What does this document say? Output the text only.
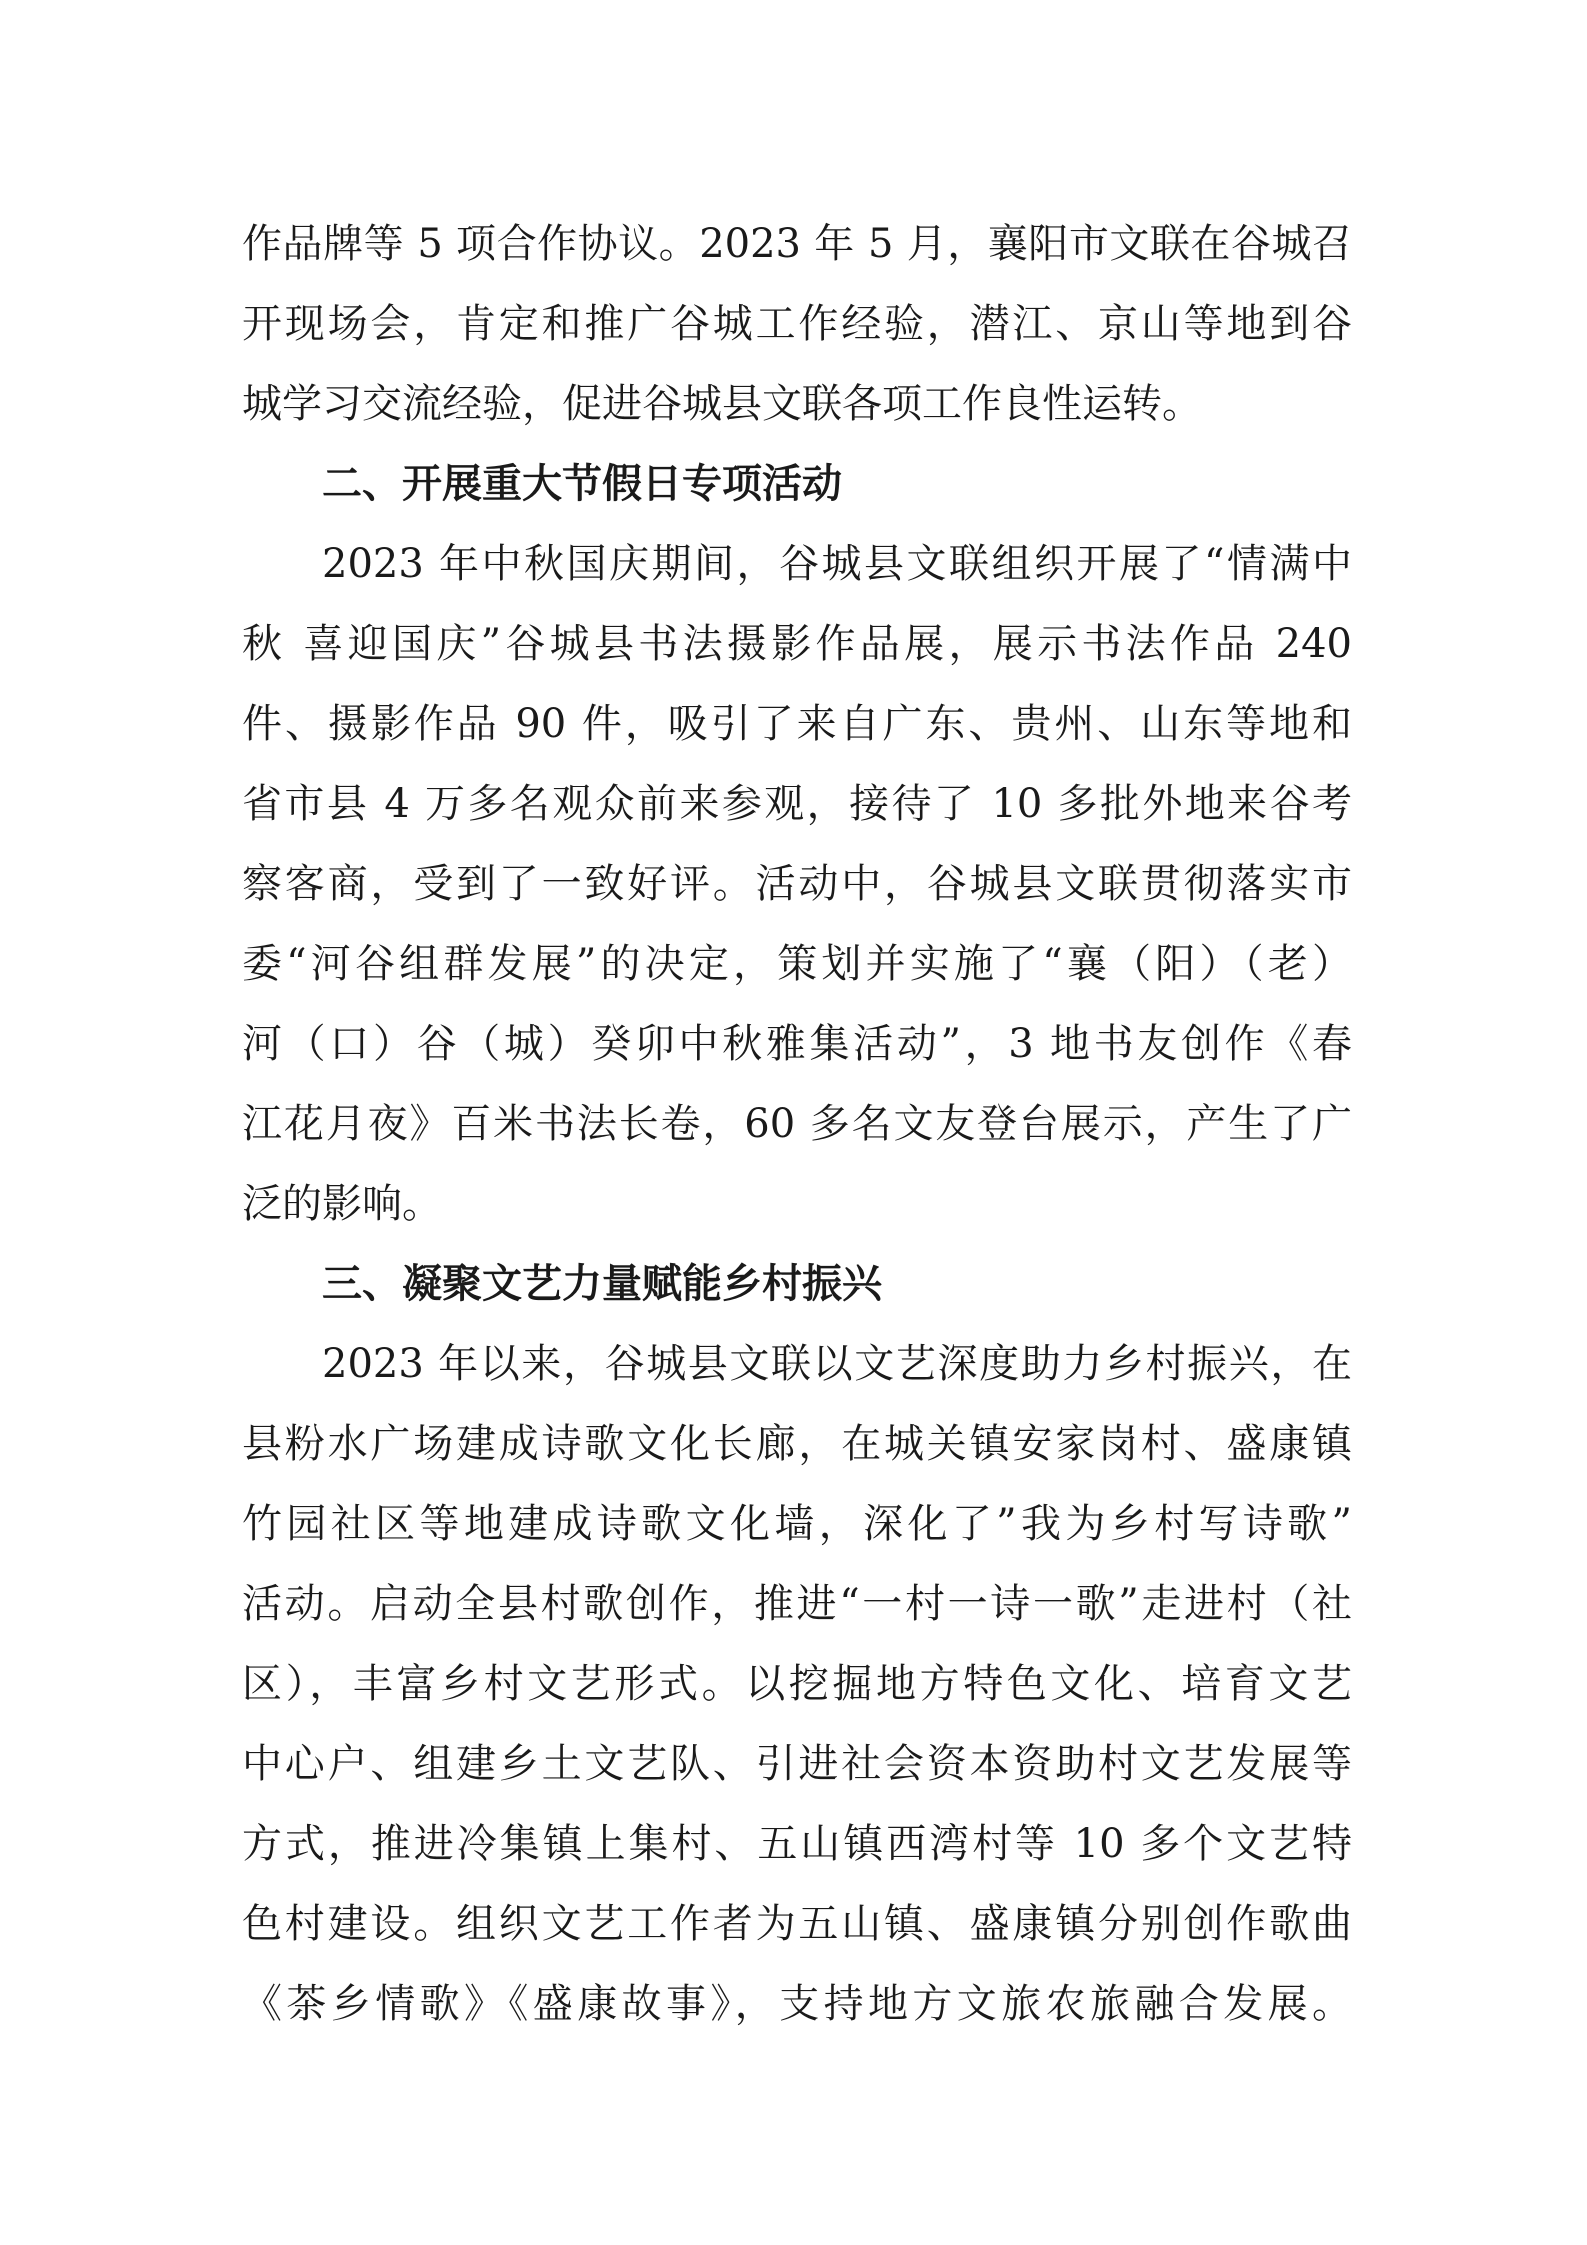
作品牌等 5 项合作协议。2023 年 5 月，襄阳市文联在谷城召
开现场会，肯定和推广谷城工作经验，潜江、京山等地到谷
城学习交流经验，促进谷城县文联各项工作良性运转。
二、开展重大节假日专项活动
2023 年中秋国庆期间，谷城县文联组织开展了“情满中
秋 喜迎国庆”谷城县书法摄影作品展，展示书法作品 240
件、摄影作品 90 件，吸引了来自广东、贵州、山东等地和
省市县 4 万多名观众前来参观，接待了 10 多批外地来谷考
察客商，受到了一致好评。活动中，谷城县文联贯彻落实市
委“河谷组群发展”的决定，策划并实施了“襄（阳）（老）
河（口）谷（城）癸卯中秋雅集活动”，3 地书友创作《春
江花月夜》百米书法长卷，60 多名文友登台展示，产生了广
泛的影响。
三、凝聚文艺力量赋能乡村振兴
2023 年以来，谷城县文联以文艺深度助力乡村振兴，在
县粉水广场建成诗歌文化长廊，在城关镇安家岗村、盛康镇
竹园社区等地建成诗歌文化墙，深化了”我为乡村写诗歌”
活动。启动全县村歌创作，推进“一村一诗一歌”走进村（社
区），丰富乡村文艺形式。以挖掘地方特色文化、培育文艺
中心户、组建乡土文艺队、引进社会资本资助村文艺发展等
方式，推进冷集镇上集村、五山镇西湾村等 10 多个文艺特
色村建设。组织文艺工作者为五山镇、盛康镇分别创作歌曲
《茶乡情歌》《盛康故事》，支持地方文旅农旅融合发展。
